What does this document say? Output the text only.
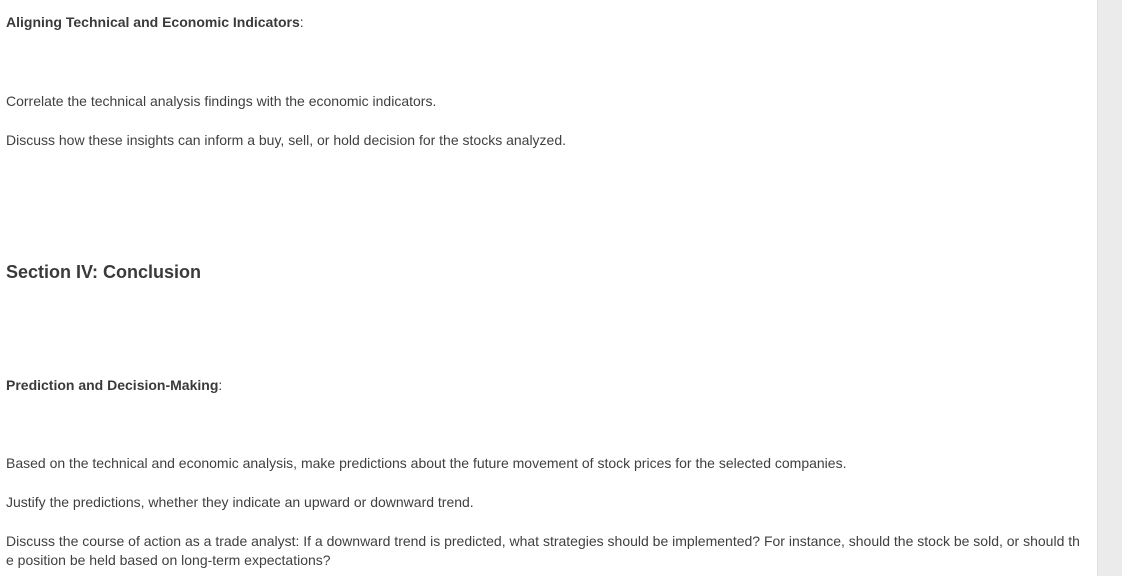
Aligning Technical and Economic Indicators:

Correlate the technical analysis findings with the economic indicators.

Discuss how these insights can inform a buy, sell, or hold decision for the stocks analyzed.

Section IV: Conclusion

Prediction and Decision-Making:

Based on the technical and economic analysis, make predictions about the future movement of stock prices for the selected companies.

Justify the predictions, whether they indicate an upward or downward trend.

Discuss the course of action as a trade analyst: If a downward trend is predicted, what strategies should be implemented? For instance, should the stock be sold, or should the position be held based on long-term expectations?
